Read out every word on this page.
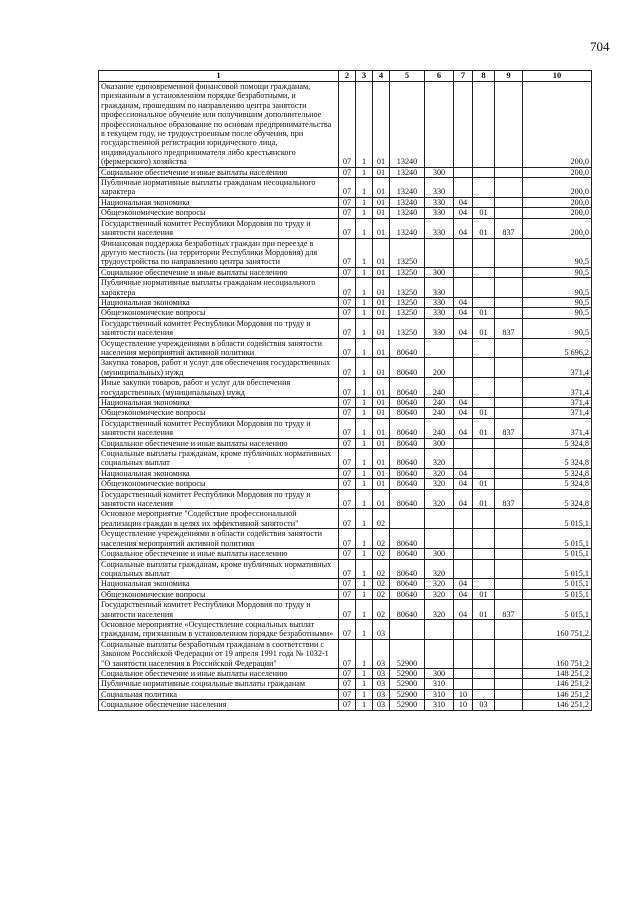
704
1	2	3	4	5	6	7	8	9	10
Оказание единовременной финансовой помощи гражданам, признанным в установленном порядке безработными, и гражданам, прошедшим по направлению центра занятости профессиональное обучение или получившим дополнительное профессиональное образование по основам предпринимательства в текущем году, не трудоустроенным после обучения, при государственной регистрации юридического лица, индивидуального предпринимателя либо крестьянского (фермерского) хозяйства	07	1	01	13240					200,0
Социальное обеспечение и иные выплаты населению	07	1	01	13240	300				200,0
Публичные нормативные выплаты гражданам несоциального характера	07	1	01	13240	330				200,0
Национальная экономика	07	1	01	13240	330	04			200,0
Общеэкономические вопросы	07	1	01	13240	330	04	01		200,0
Государственный комитет Республики Мордовия по труду и занятости населения	07	1	01	13240	330	04	01	837	200,0
Финансовая поддержка безработных граждан при переезде в другую местность (на территории Республики Мордовия) для трудоустройства по направлению центра занятости	07	1	01	13250					90,5
Социальное обеспечение и иные выплаты населению	07	1	01	13250	300				90,5
Публичные нормативные выплаты гражданам несоциального характера	07	1	01	13250	330				90,5
Национальная экономика	07	1	01	13250	330	04			90,5
Общеэкономические вопросы	07	1	01	13250	330	04	01		90,5
Государственный комитет Республики Мордовия по труду и занятости населения	07	1	01	13250	330	04	01	837	90,5
Осуществление учреждениями в области содействия занятости населения мероприятий активной политики	07	1	01	80640					5 696,2
Закупка товаров, работ и услуг для обеспечения государственных (муниципальных) нужд	07	1	01	80640	200				371,4
Иные закупки товаров, работ и услуг для обеспечения государственных (муниципальных) нужд	07	1	01	80640	240				371,4
Национальная экономика	07	1	01	80640	240	04			371,4
Общеэкономические вопросы	07	1	01	80640	240	04	01		371,4
Государственный комитет Республики Мордовия по труду и занятости населения	07	1	01	80640	240	04	01	837	371,4
Социальное обеспечение и иные выплаты населению	07	1	01	80640	300				5 324,8
Социальные выплаты гражданам, кроме публичных нормативных социальных выплат	07	1	01	80640	320				5 324,8
Национальная экономика	07	1	01	80640	320	04			5 324,8
Общеэкономические вопросы	07	1	01	80640	320	04	01		5 324,8
Государственный комитет Республики Мордовия по труду и занятости населения	07	1	01	80640	320	04	01	837	5 324,8
Основное мероприятие "Содействие профессиональной реализации граждан в целях их эффективной занятости"	07	1	02						5 015,1
Осуществление учреждениями в области содействия занятости населения мероприятий активной политики	07	1	02	80640					5 015,1
Социальное обеспечение и иные выплаты населению	07	1	02	80640	300				5 015,1
Социальные выплаты гражданам, кроме публичных нормативных социальных выплат	07	1	02	80640	320				5 015,1
Национальная экономика	07	1	02	80640	320	04			5 015,1
Общеэкономические вопросы	07	1	02	80640	320	04	01		5 015,1
Государственный комитет Республики Мордовия по труду и занятости населения	07	1	02	80640	320	04	01	837	5 015,1
Основное мероприятие «Осуществление социальных выплат гражданам, признанным в установленном порядке безработными»	07	1	03						160 751,2
Социальные выплаты безработным гражданам в соответствии с Законом Российской Федерации от 19 апреля 1991 года № 1032-1 "О занятости населения в Российской Федерации"	07	1	03	52900					160 751,2
Социальное обеспечение и иные выплаты населению	07	1	03	52900	300				148 251,2
Публичные нормативные социальные выплаты гражданам	07	1	03	52900	310				146 251,2
Социальная политика	07	1	03	52900	310	10			146 251,2
Социальное обеспечение населения	07	1	03	52900	310	10	03		146 251,2
